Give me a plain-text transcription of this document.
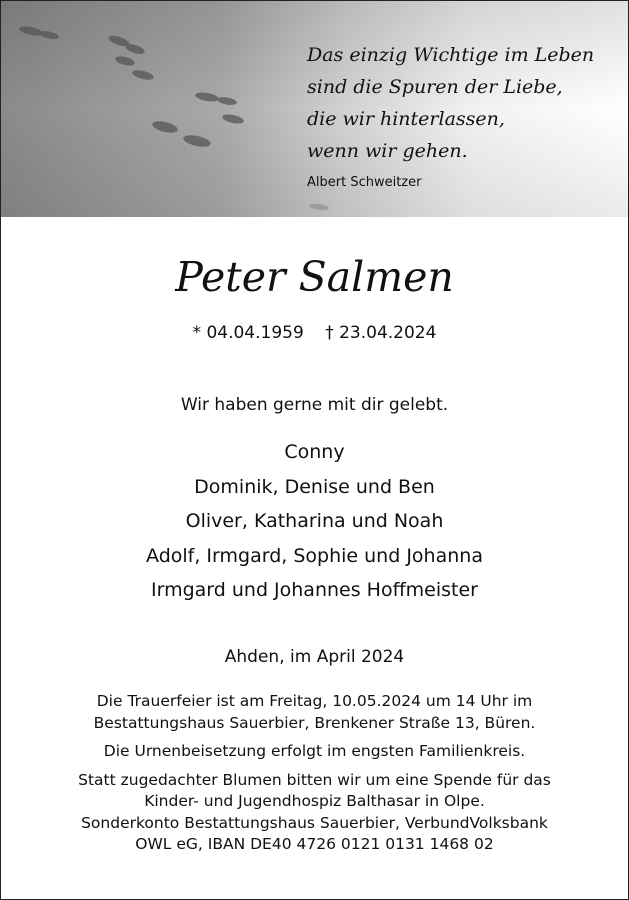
Das einzig Wichtige im Leben
sind die Spuren der Liebe,
die wir hinterlassen,
wenn wir gehen.
Albert Schweitzer
Peter Salmen
* 04.04.1959 † 23.04.2024
Wir haben gerne mit dir gelebt.
Conny
Dominik, Denise und Ben
Oliver, Katharina und Noah
Adolf, Irmgard, Sophie und Johanna
Irmgard und Johannes Hoffmeister
Ahden, im April 2024
Die Trauerfeier ist am Freitag, 10.05.2024 um 14 Uhr im
Bestattungshaus Sauerbier, Brenkener Straße 13, Büren.
Die Urnenbeisetzung erfolgt im engsten Familienkreis.
Statt zugedachter Blumen bitten wir um eine Spende für das
Kinder- und Jugendhospiz Balthasar in Olpe.
Sonderkonto Bestattungshaus Sauerbier, VerbundVolksbank
OWL eG, IBAN DE40 4726 0121 0131 1468 02
